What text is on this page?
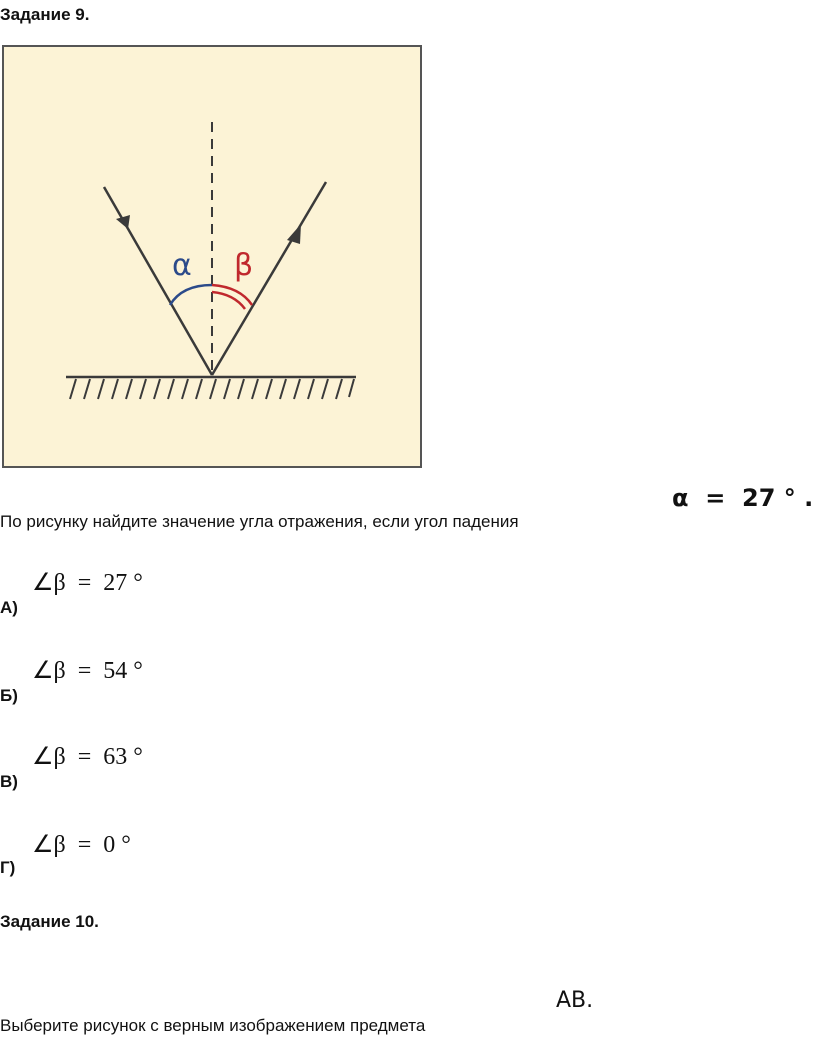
Задание 9.
α β
По рисунку найдите значение угла отражения, если угол падения
α  =  27 ° .
∠β  =  27 °
А)
∠β  =  54 °
Б)
∠β  =  63 °
В)
∠β  =  0 °
Г)
Задание 10.
Выберите рисунок с верным изображением предмета
AB.
